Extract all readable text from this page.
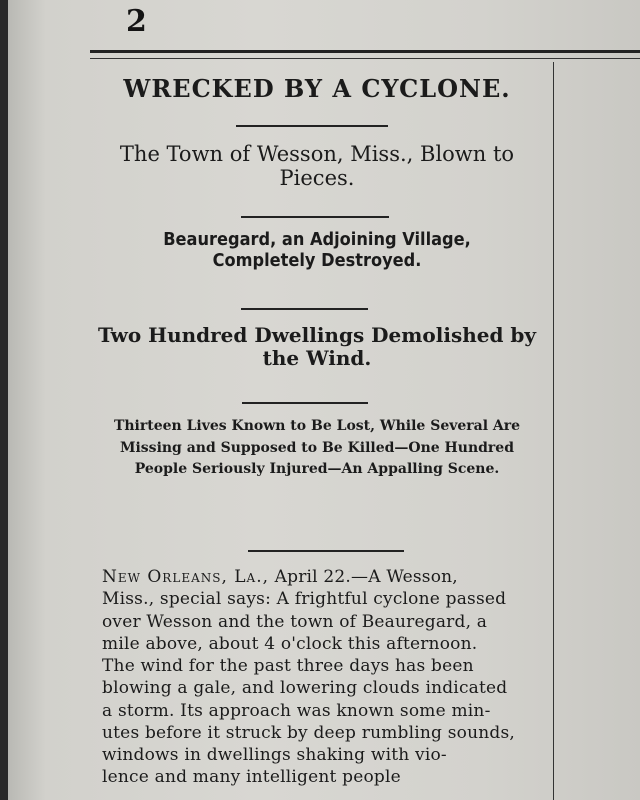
2
WRECKED BY A CYCLONE.
The Town of Wesson, Miss., Blown to Pieces.
Beauregard, an Adjoining Village, Completely Destroyed.
Two Hundred Dwellings Demolished by the Wind.
Thirteen Lives Known to Be Lost, While Several Are Missing and Supposed to Be Killed—One Hundred People Seriously Injured—An Appalling Scene.
New Orleans, La., April 22.—A Wesson,
Miss., special says: A frightful cyclone passed
over Wesson and the town of Beauregard, a
mile above, about 4 o'clock this afternoon.
The wind for the past three days has been
blowing a gale, and lowering clouds indicated
a storm. Its approach was known some min-
utes before it struck by deep rumbling sounds,
windows in dwellings shaking with vio-
lence and many intelligent people
